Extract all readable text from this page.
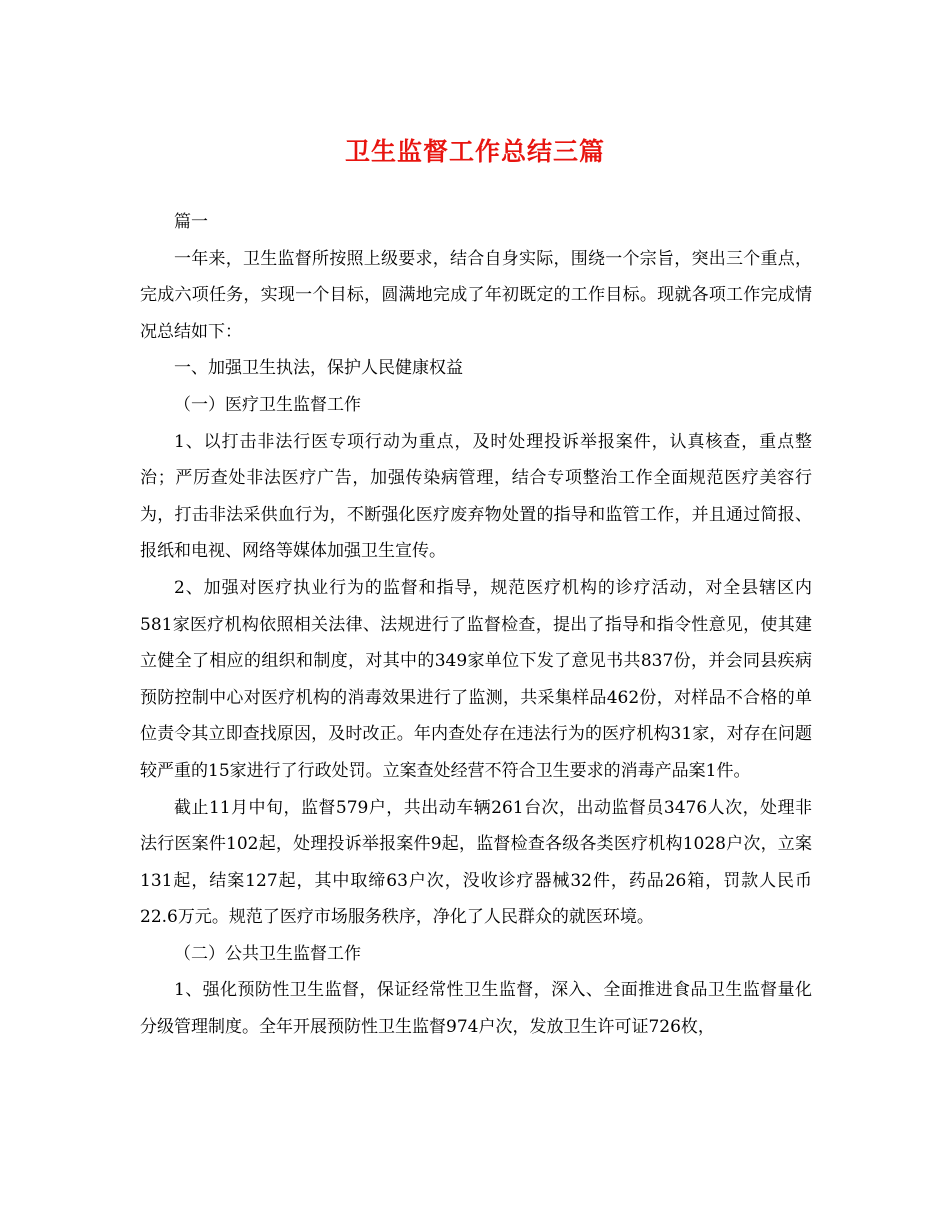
卫生监督工作总结三篇

篇一

一年来，卫生监督所按照上级要求，结合自身实际，围绕一个宗旨，突出三个重点，完成六项任务，实现一个目标，圆满地完成了年初既定的工作目标。现就各项工作完成情况总结如下：

一、加强卫生执法，保护人民健康权益

（一）医疗卫生监督工作

1、以打击非法行医专项行动为重点，及时处理投诉举报案件，认真核查，重点整治；严厉查处非法医疗广告，加强传染病管理，结合专项整治工作全面规范医疗美容行为，打击非法采供血行为，不断强化医疗废弃物处置的指导和监管工作，并且通过简报、报纸和电视、网络等媒体加强卫生宣传。

2、加强对医疗执业行为的监督和指导，规范医疗机构的诊疗活动，对全县辖区内581家医疗机构依照相关法律、法规进行了监督检查，提出了指导和指令性意见，使其建立健全了相应的组织和制度，对其中的349家单位下发了意见书共837份，并会同县疾病预防控制中心对医疗机构的消毒效果进行了监测，共采集样品462份，对样品不合格的单位责令其立即查找原因，及时改正。年内查处存在违法行为的医疗机构31家，对存在问题较严重的15家进行了行政处罚。立案查处经营不符合卫生要求的消毒产品案1件。

截止11月中旬，监督579户，共出动车辆261台次，出动监督员3476人次，处理非法行医案件102起，处理投诉举报案件9起，监督检查各级各类医疗机构1028户次，立案131起，结案127起，其中取缔63户次，没收诊疗器械32件，药品26箱，罚款人民币22.6万元。规范了医疗市场服务秩序，净化了人民群众的就医环境。

（二）公共卫生监督工作

1、强化预防性卫生监督，保证经常性卫生监督，深入、全面推进食品卫生监督量化分级管理制度。全年开展预防性卫生监督974户次，发放卫生许可证726枚，
